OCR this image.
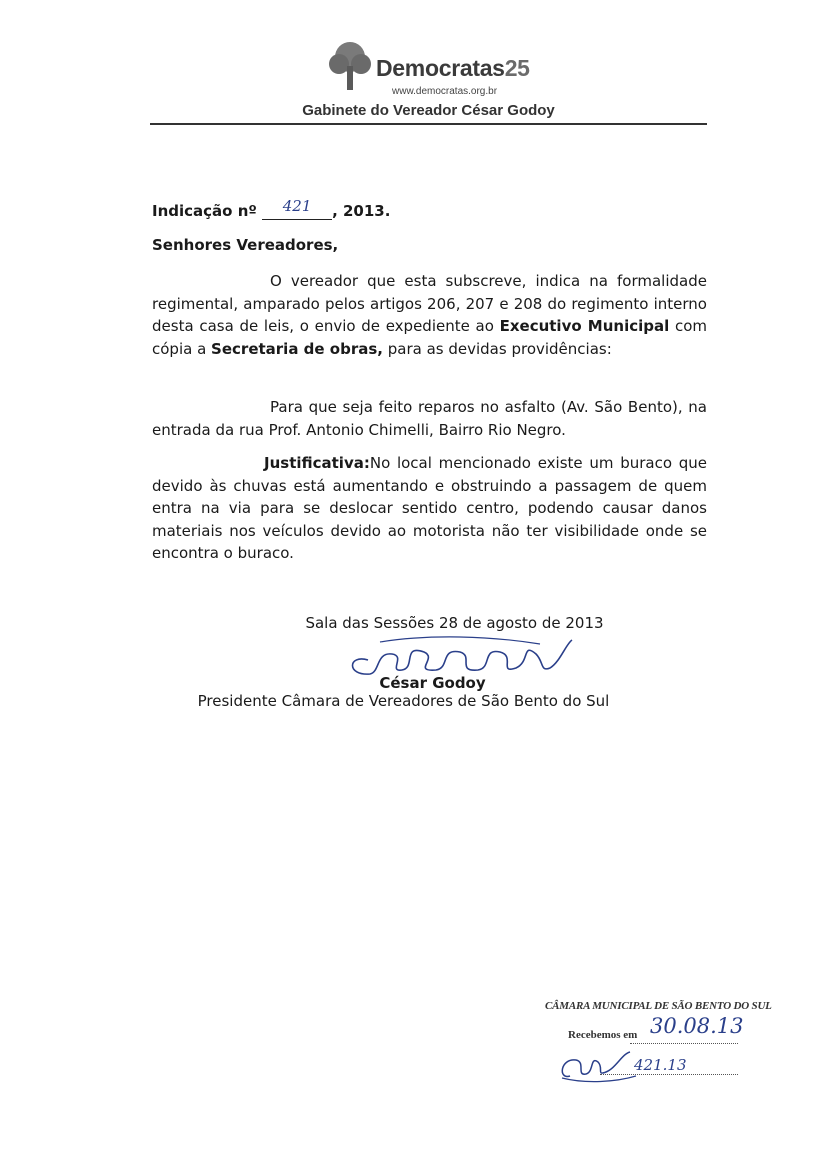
Democratas25
www.democratas.org.br
Gabinete do Vereador César Godoy
Indicação nº 421 , 2013.
Senhores Vereadores,
O vereador que esta subscreve, indica na formalidade regimental, amparado pelos artigos 206, 207 e 208 do regimento interno desta casa de leis, o envio de expediente ao Executivo Municipal com cópia a Secretaria de obras, para as devidas providências:
Para que seja feito reparos no asfalto (Av. São Bento), na entrada da rua Prof. Antonio Chimelli, Bairro Rio Negro.
Justificativa:No local mencionado existe um buraco que devido às chuvas está aumentando e obstruindo a passagem de quem entra na via para se deslocar sentido centro, podendo causar danos materiais nos veículos devido ao motorista não ter visibilidade onde se encontra o buraco.
Sala das Sessões 28 de agosto de 2013
César Godoy
Presidente Câmara de Vereadores de São Bento do Sul
CÂMARA MUNICIPAL DE SÃO BENTO DO SUL
Recebemos em 30.08.13
421.13
